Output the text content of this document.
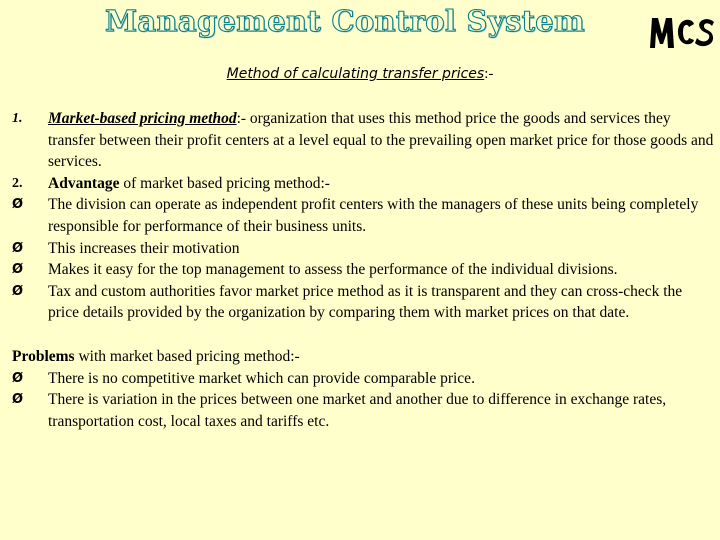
Management Control System
Method of calculating transfer prices:-
1.	Market-based pricing method:- organization that uses this method price the goods and services they transfer between their profit centers at a level equal to the prevailing open market price for those goods and services.
2.	Advantage of market based pricing method:-
Ø	The division can operate as independent profit centers with the managers of these units being completely responsible for performance of their business units.
Ø	This increases their motivation
Ø	Makes it easy for the top management to assess the performance of the individual divisions.
Ø	Tax and custom authorities favor market price method as it is transparent and they can cross-check the price details provided by the organization by comparing them with market prices on that date.
Problems with market based pricing method:-
Ø	There is no competitive market which can provide comparable price.
Ø	There is variation in the prices between one market and another due to difference in exchange rates, transportation cost, local taxes and tariffs etc.
